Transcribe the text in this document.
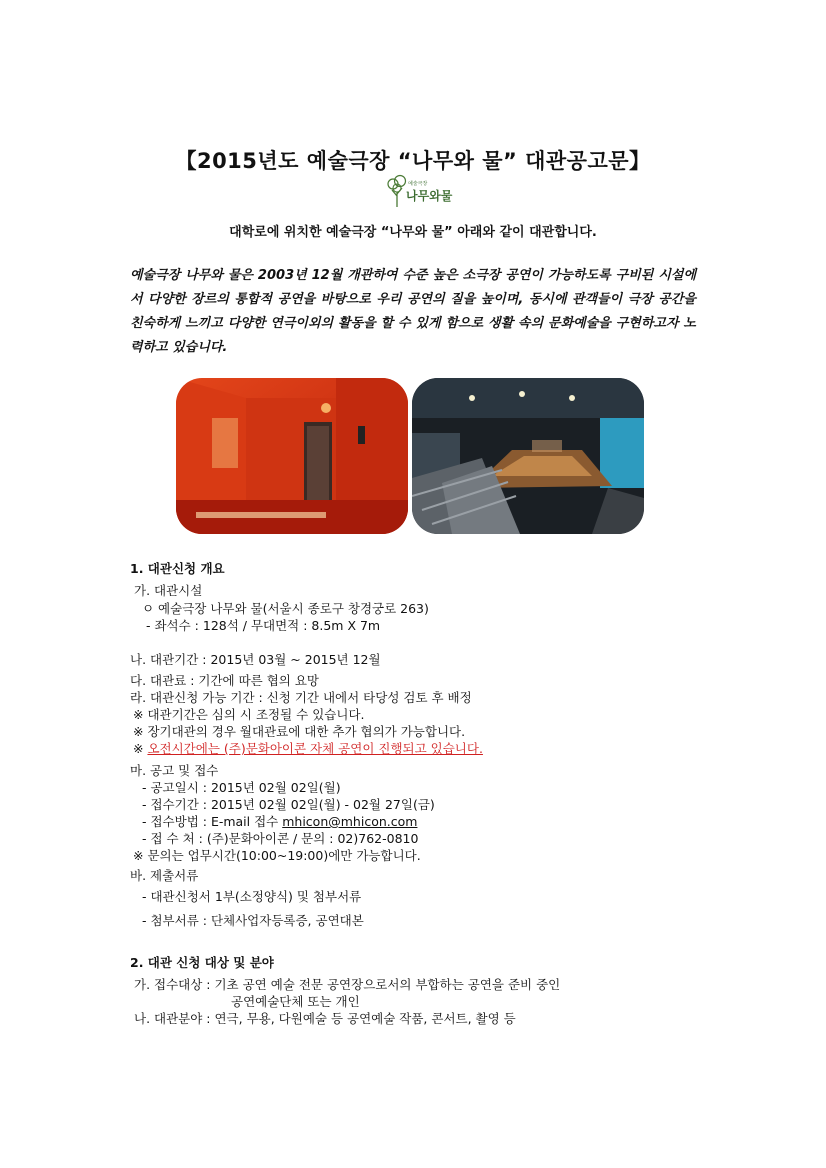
【2015년도 예술극장 “나무와 물” 대관공고문】
예술극장
나무와물
대학로에 위치한 예술극장 “나무와 물” 아래와 같이 대관합니다.
예술극장 나무와 물은 2003년 12월 개관하여 수준 높은 소극장 공연이 가능하도록 구비된 시설에서 다양한 장르의 통합적 공연을 바탕으로 우리 공연의 질을 높이며, 동시에 관객들이 극장 공간을 친숙하게 느끼고 다양한 연극이외의 활동을 할 수 있게 함으로 생활 속의 문화예술을 구현하고자 노력하고 있습니다.
1. 대관신청 개요
가. 대관시설
ㅇ 예술극장 나무와 물(서울시 종로구 창경궁로 263)
- 좌석수 : 128석 / 무대면적 : 8.5m X 7m
나. 대관기간 : 2015년 03월 ~ 2015년 12월
다. 대관료 : 기간에 따른 협의 요망
라. 대관신청 가능 기간 : 신청 기간 내에서 타당성 검토 후 배정
※ 대관기간은 심의 시 조정될 수 있습니다.
※ 장기대관의 경우 월대관료에 대한 추가 협의가 가능합니다.
※ 오전시간에는 (주)문화아이콘 자체 공연이 진행되고 있습니다.
마. 공고 및 접수
- 공고일시 : 2015년 02월 02일(월)
- 접수기간 : 2015년 02월 02일(월) - 02월 27일(금)
- 접수방법 : E-mail 접수 mhicon@mhicon.com
- 접 수 처 : (주)문화아이콘 / 문의 : 02)762-0810
※ 문의는 업무시간(10:00~19:00)에만 가능합니다.
바. 제출서류
- 대관신청서 1부(소정양식) 및 첨부서류
- 첨부서류 : 단체사업자등록증, 공연대본
2. 대관 신청 대상 및 분야
가. 접수대상 : 기초 공연 예술 전문 공연장으로서의 부합하는 공연을 준비 중인
공연예술단체 또는 개인
나. 대관분야 : 연극, 무용, 다원예술 등 공연예술 작품, 콘서트, 촬영 등
